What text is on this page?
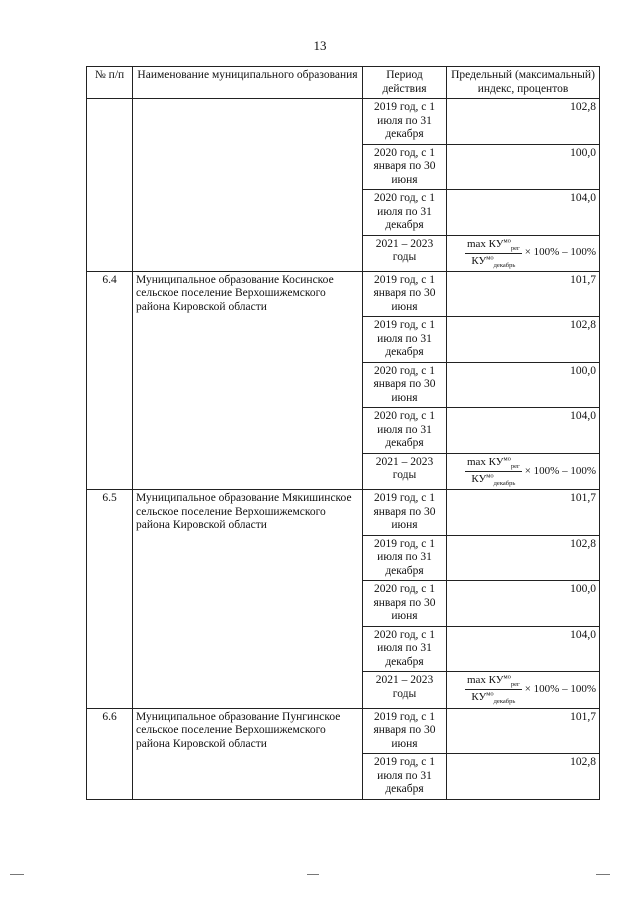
13
№ п/п	Наименование муниципального образования	Период действия	Предельный (максимальный) индекс, процентов
		2019 год, с 1 июля по 31 декабря	102,8
		2020 год, с 1 января по 30 июня	100,0
		2020 год, с 1 июля по 31 декабря	104,0
		2021 – 2023 годы	$\frac{\max КУ^{мо}_{рег}}{КУ^{мо}_{декабрь}} \times 100\% - 100\%$

6.4	Муниципальное образование Косинское сельское поселение Верхошижемского района Кировской области	2019 год, с 1 января по 30 июня	101,7
		2019 год, с 1 июля по 31 декабря	102,8
		2020 год, с 1 января по 30 июня	100,0
		2020 год, с 1 июля по 31 декабря	104,0
		2021 – 2023 годы	$\frac{\max КУ^{мо}_{рег}}{КУ^{мо}_{декабрь}} \times 100\% - 100\%$

6.5	Муниципальное образование Мякишинское сельское поселение Верхошижемского района Кировской области	2019 год, с 1 января по 30 июня	101,7
		2019 год, с 1 июля по 31 декабря	102,8
		2020 год, с 1 января по 30 июня	100,0
		2020 год, с 1 июля по 31 декабря	104,0
		2021 – 2023 годы	$\frac{\max КУ^{мо}_{рег}}{КУ^{мо}_{декабрь}} \times 100\% - 100\%$

6.6	Муниципальное образование Пунгинское сельское поселение Верхошижемского района Кировской области	2019 год, с 1 января по 30 июня	101,7
		2019 год, с 1 июля по 31 декабря	102,8
